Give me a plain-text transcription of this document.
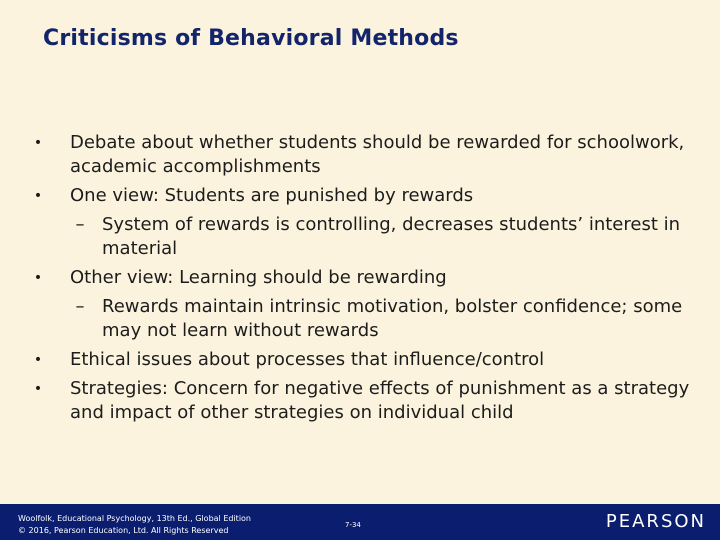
Criticisms of Behavioral Methods
• Debate about whether students should be rewarded for schoolwork, academic accomplishments
• One view: Students are punished by rewards
– System of rewards is controlling, decreases students’ interest in material
• Other view: Learning should be rewarding
– Rewards maintain intrinsic motivation, bolster confidence; some may not learn without rewards
• Ethical issues about processes that influence/control
• Strategies: Concern for negative effects of punishment as a strategy and impact of other strategies on individual child
Woolfolk, Educational Psychology, 13th Ed., Global Edition
© 2016, Pearson Education, Ltd. All Rights Reserved
7-34	PEARSON
